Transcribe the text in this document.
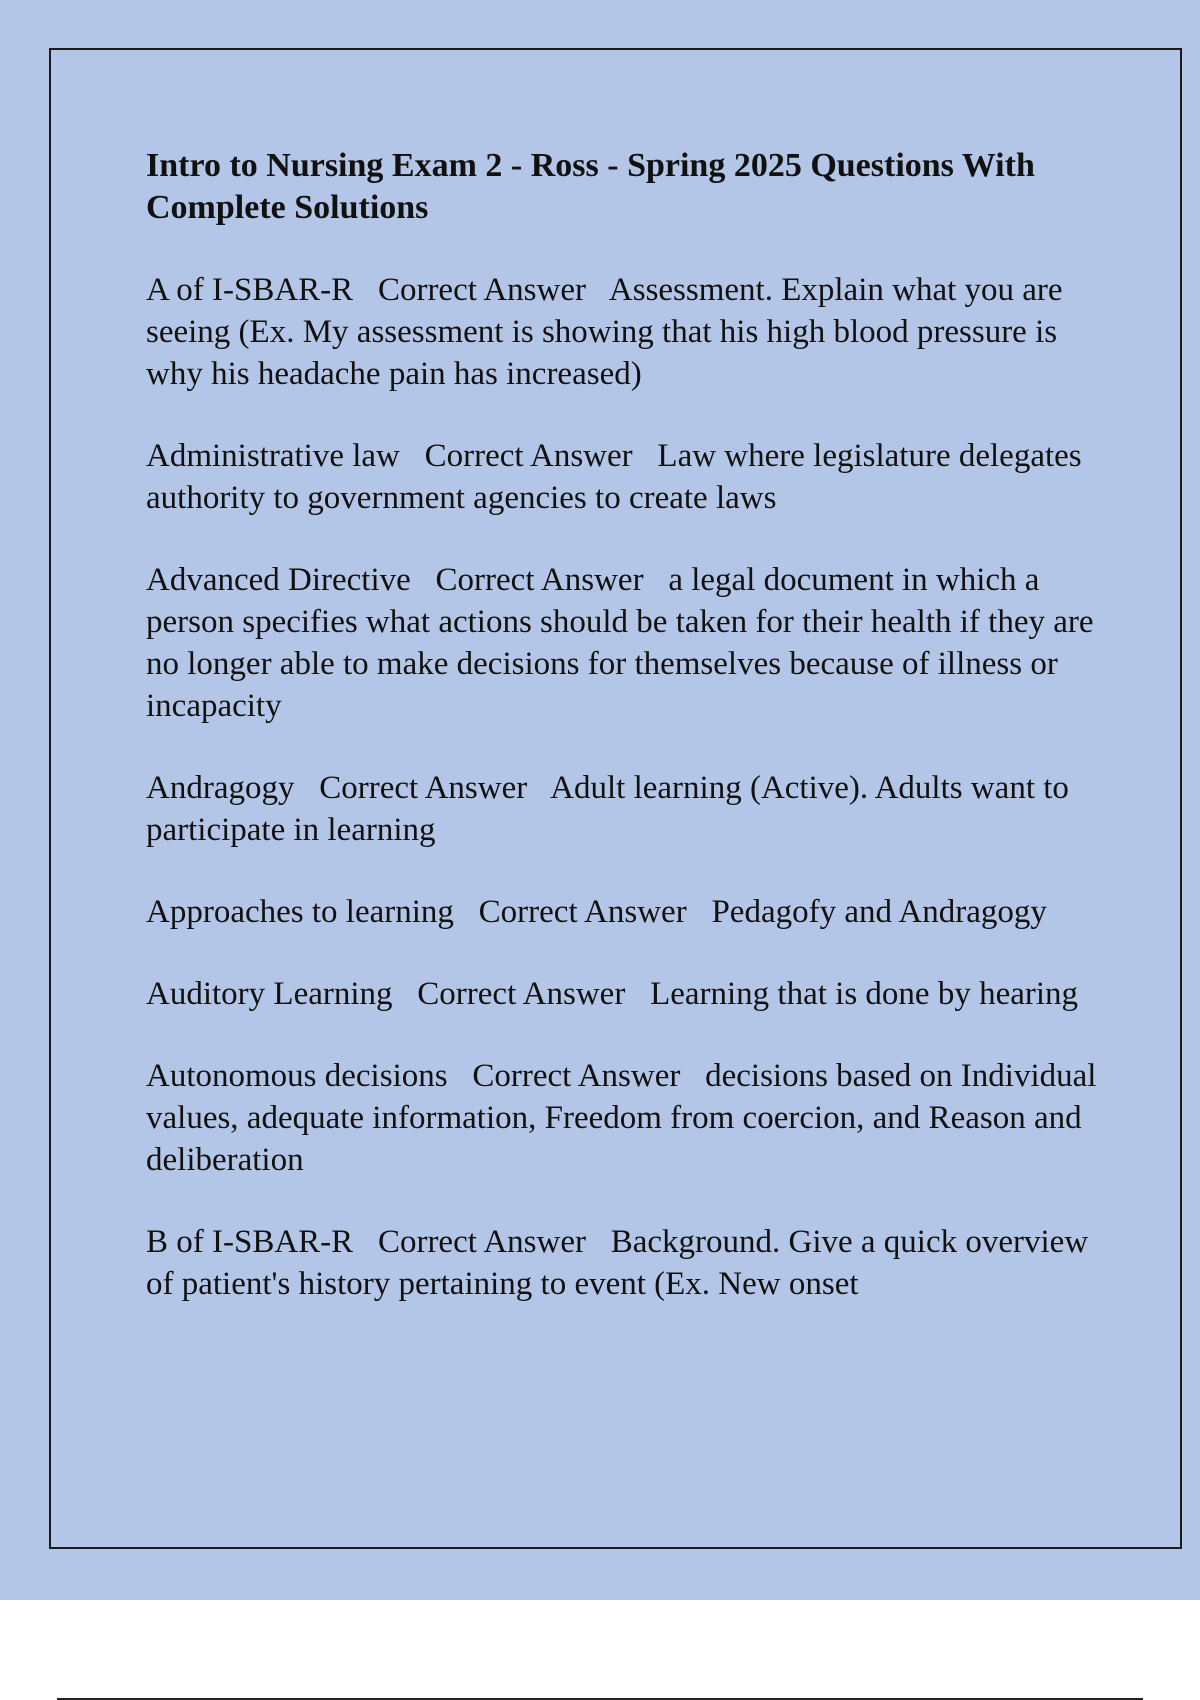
Intro to Nursing Exam 2 - Ross - Spring 2025 Questions With Complete Solutions
A of I-SBAR-R   Correct Answer   Assessment. Explain what you are seeing (Ex. My assessment is showing that his high blood pressure is why his headache pain has increased)
Administrative law   Correct Answer   Law where legislature delegates authority to government agencies to create laws
Advanced Directive   Correct Answer   a legal document in which a person specifies what actions should be taken for their health if they are no longer able to make decisions for themselves because of illness or incapacity
Andragogy   Correct Answer   Adult learning (Active). Adults want to participate in learning
Approaches to learning   Correct Answer   Pedagofy and Andragogy
Auditory Learning   Correct Answer   Learning that is done by hearing
Autonomous decisions   Correct Answer   decisions based on Individual values, adequate information, Freedom from coercion, and Reason and deliberation
B of I-SBAR-R   Correct Answer   Background. Give a quick overview of patient's history pertaining to event (Ex. New onset
